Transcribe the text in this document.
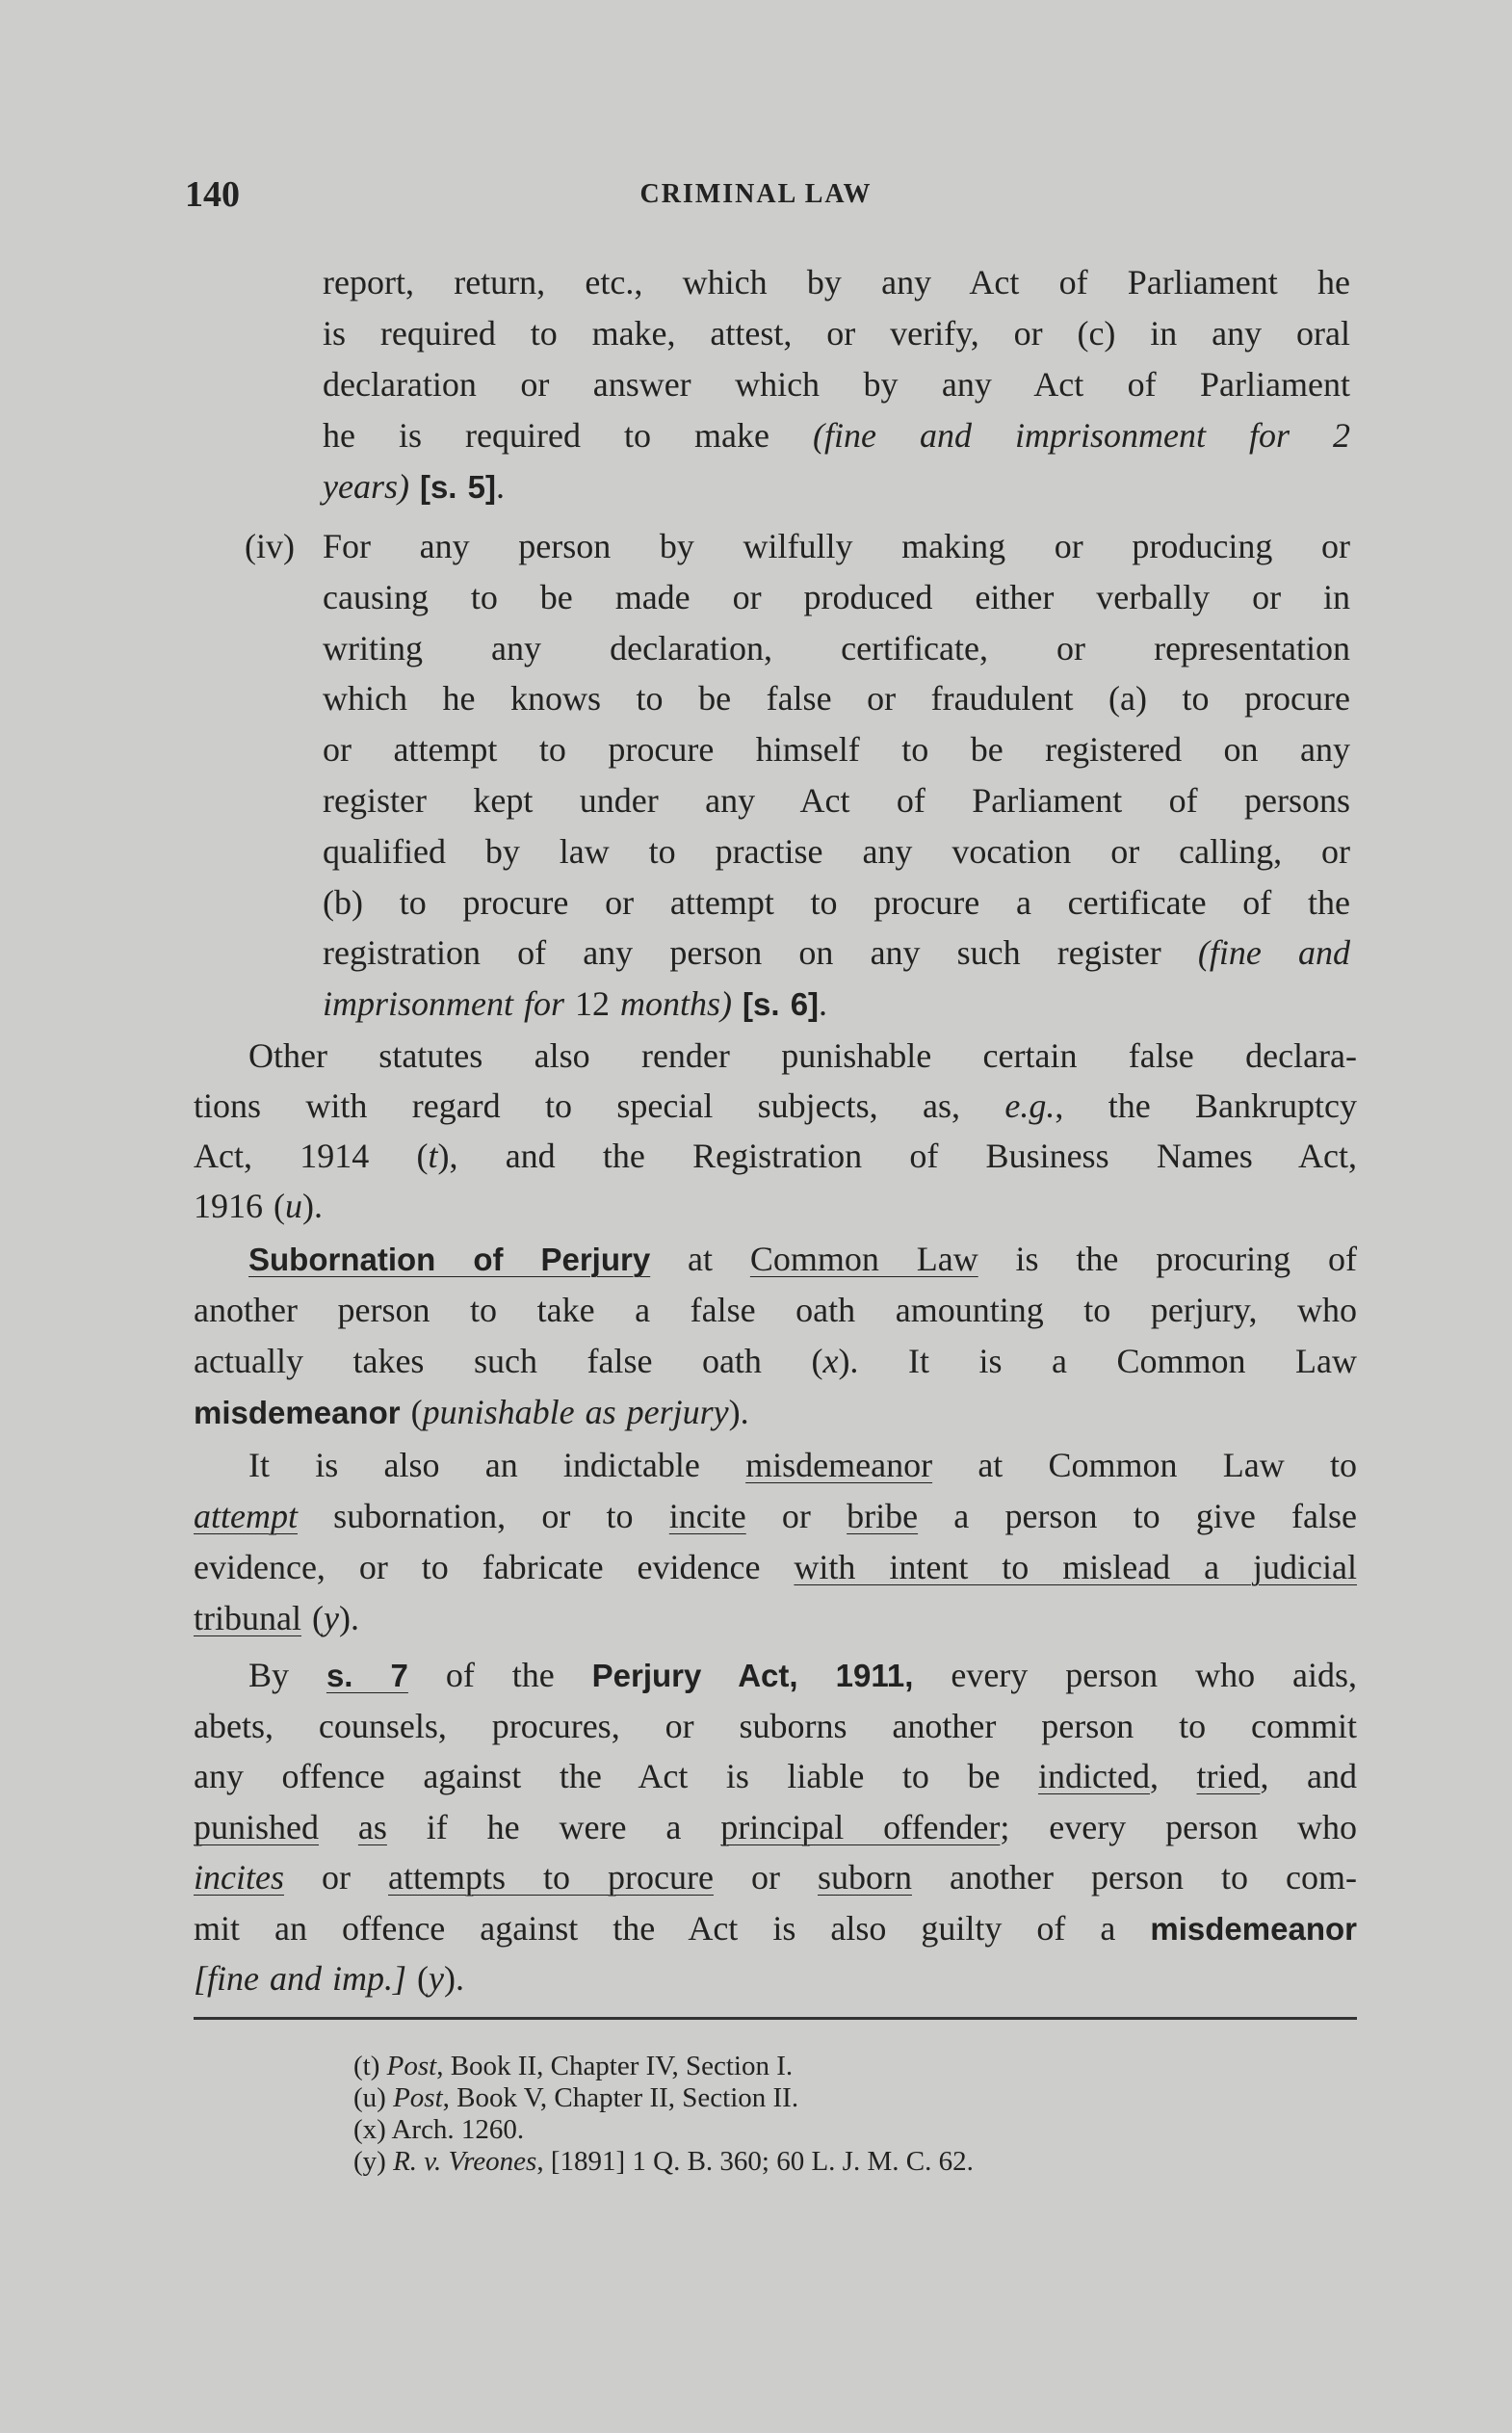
140	CRIMINAL LAW
report, return, etc., which by any Act of Parliament he
is required to make, attest, or verify, or (c) in any oral
declaration or answer which by any Act of Parliament
he is required to make (fine and imprisonment for 2
years) [s. 5].
(iv) For any person by wilfully making or producing or
causing to be made or produced either verbally or in
writing any declaration, certificate, or representation
which he knows to be false or fraudulent (a) to procure
or attempt to procure himself to be registered on any
register kept under any Act of Parliament of persons
qualified by law to practise any vocation or calling, or
(b) to procure or attempt to procure a certificate of the
registration of any person on any such register (fine and
imprisonment for 12 months) [s. 6].
Other statutes also render punishable certain false declara-
tions with regard to special subjects, as, e.g., the Bankruptcy
Act, 1914 (t), and the Registration of Business Names Act,
1916 (u).
Subornation of Perjury at Common Law is the procuring of
another person to take a false oath amounting to perjury, who
actually takes such false oath (x). It is a Common Law
misdemeanor (punishable as perjury).
It is also an indictable misdemeanor at Common Law to
attempt subornation, or to incite or bribe a person to give false
evidence, or to fabricate evidence with intent to mislead a judicial
tribunal (y).
By s. 7 of the Perjury Act, 1911, every person who aids,
abets, counsels, procures, or suborns another person to commit
any offence against the Act is liable to be indicted, tried, and
punished as if he were a principal offender; every person who
incites or attempts to procure or suborn another person to com-
mit an offence against the Act is also guilty of a misdemeanor
[fine and imp.] (y).
(t) Post, Book II, Chapter IV, Section I.
(u) Post, Book V, Chapter II, Section II.
(x) Arch. 1260.
(y) R. v. Vreones, [1891] 1 Q. B. 360; 60 L. J. M. C. 62.
